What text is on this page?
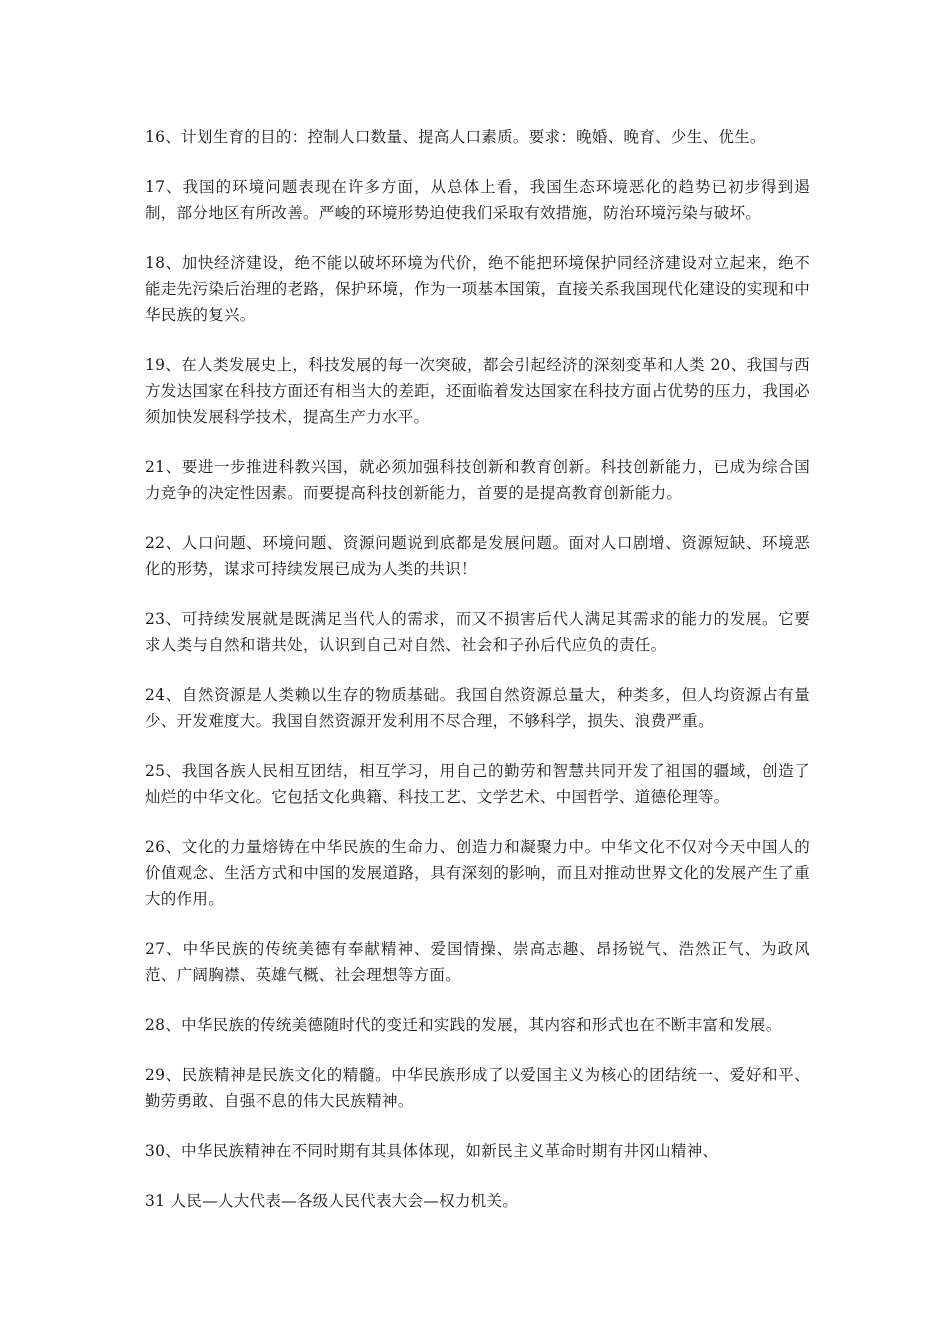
16、计划生育的目的：控制人口数量、提高人口素质。要求：晚婚、晚育、少生、优生。

17、我国的环境问题表现在许多方面，从总体上看，我国生态环境恶化的趋势已初步得到遏制，部分地区有所改善。严峻的环境形势迫使我们采取有效措施，防治环境污染与破坏。

18、加快经济建设，绝不能以破坏环境为代价，绝不能把环境保护同经济建设对立起来，绝不能走先污染后治理的老路，保护环境，作为一项基本国策，直接关系我国现代化建设的实现和中华民族的复兴。

19、在人类发展史上，科技发展的每一次突破，都会引起经济的深刻变革和人类 20、我国与西方发达国家在科技方面还有相当大的差距，还面临着发达国家在科技方面占优势的压力，我国必须加快发展科学技术，提高生产力水平。

21、要进一步推进科教兴国，就必须加强科技创新和教育创新。科技创新能力，已成为综合国力竞争的决定性因素。而要提高科技创新能力，首要的是提高教育创新能力。

22、人口问题、环境问题、资源问题说到底都是发展问题。面对人口剧增、资源短缺、环境恶化的形势，谋求可持续发展已成为人类的共识！

23、可持续发展就是既满足当代人的需求，而又不损害后代人满足其需求的能力的发展。它要求人类与自然和谐共处，认识到自己对自然、社会和子孙后代应负的责任。

24、自然资源是人类赖以生存的物质基础。我国自然资源总量大，种类多，但人均资源占有量少、开发难度大。我国自然资源开发利用不尽合理，不够科学，损失、浪费严重。

25、我国各族人民相互团结，相互学习，用自己的勤劳和智慧共同开发了祖国的疆域，创造了灿烂的中华文化。它包括文化典籍、科技工艺、文学艺术、中国哲学、道德伦理等。

26、文化的力量熔铸在中华民族的生命力、创造力和凝聚力中。中华文化不仅对今天中国人的价值观念、生活方式和中国的发展道路，具有深刻的影响，而且对推动世界文化的发展产生了重大的作用。

27、中华民族的传统美德有奉献精神、爱国情操、崇高志趣、昂扬锐气、浩然正气、为政风范、广阔胸襟、英雄气概、社会理想等方面。

28、中华民族的传统美德随时代的变迁和实践的发展，其内容和形式也在不断丰富和发展。

29、民族精神是民族文化的精髓。中华民族形成了以爱国主义为核心的团结统一、爱好和平、勤劳勇敢、自强不息的伟大民族精神。

30、中华民族精神在不同时期有其具体体现，如新民主义革命时期有井冈山精神、

31 人民—人大代表—各级人民代表大会—权力机关。
